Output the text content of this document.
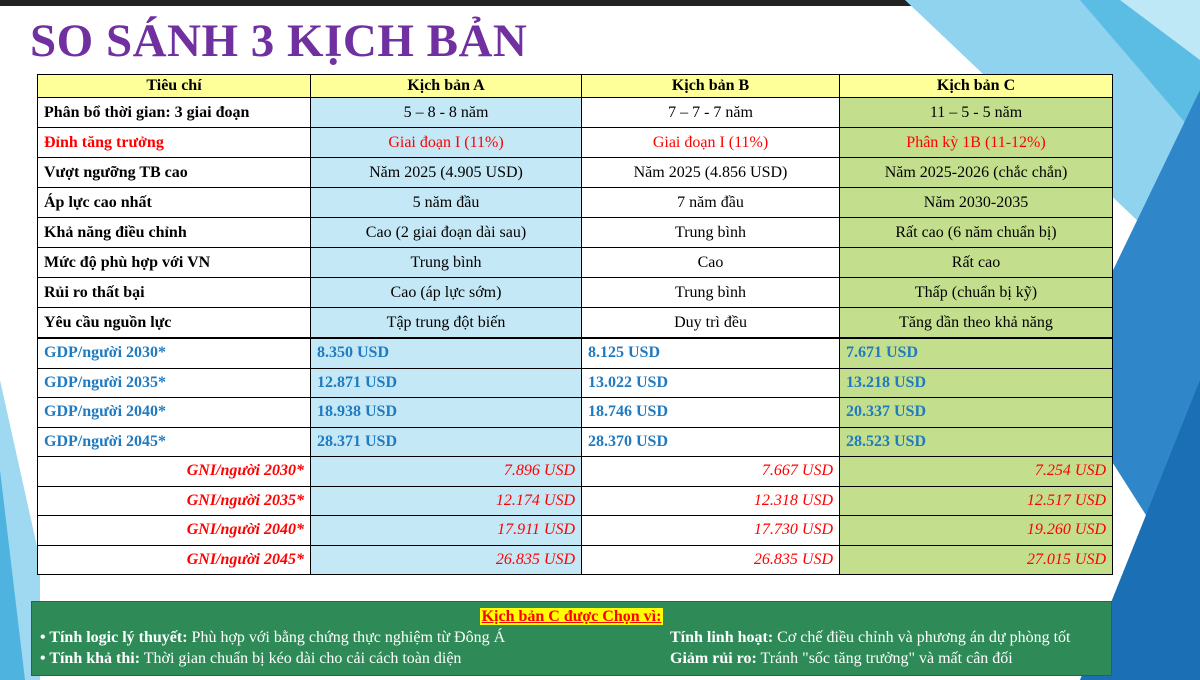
SO SÁNH 3 KỊCH BẢN
Tiêu chí	Kịch bản A	Kịch bản B	Kịch bản C
Phân bổ thời gian: 3 giai đoạn	5 – 8 - 8 năm	7 – 7 - 7 năm	11 – 5 - 5 năm
Đỉnh tăng trưởng	Giai đoạn I (11%)	Giai đoạn I (11%)	Phân kỳ 1B (11-12%)
Vượt ngưỡng TB cao	Năm 2025 (4.905 USD)	Năm 2025 (4.856 USD)	Năm 2025-2026 (chắc chắn)
Áp lực cao nhất	5 năm đầu	7 năm đầu	Năm 2030-2035
Khả năng điều chỉnh	Cao (2 giai đoạn dài sau)	Trung bình	Rất cao (6 năm chuẩn bị)
Mức độ phù hợp với VN	Trung bình	Cao	Rất cao
Rủi ro thất bại	Cao (áp lực sớm)	Trung bình	Thấp (chuẩn bị kỹ)
Yêu cầu nguồn lực	Tập trung đột biến	Duy trì đều	Tăng dần theo khả năng
GDP/người 2030*	8.350 USD	8.125 USD	7.671 USD
GDP/người 2035*	12.871 USD	13.022 USD	13.218 USD
GDP/người 2040*	18.938 USD	18.746 USD	20.337 USD
GDP/người 2045*	28.371 USD	28.370 USD	28.523 USD
GNI/người 2030*	7.896 USD	7.667 USD	7.254 USD
GNI/người 2035*	12.174 USD	12.318 USD	12.517 USD
GNI/người 2040*	17.911 USD	17.730 USD	19.260 USD
GNI/người 2045*	26.835 USD	26.835 USD	27.015 USD
Kịch bản C được Chọn vì:
• Tính logic lý thuyết: Phù hợp với bằng chứng thực nghiệm từ Đông Á	Tính linh hoạt: Cơ chế điều chỉnh và phương án dự phòng tốt
• Tính khả thi: Thời gian chuẩn bị kéo dài cho cải cách toàn diện	Giảm rủi ro: Tránh "sốc tăng trưởng" và mất cân đối
